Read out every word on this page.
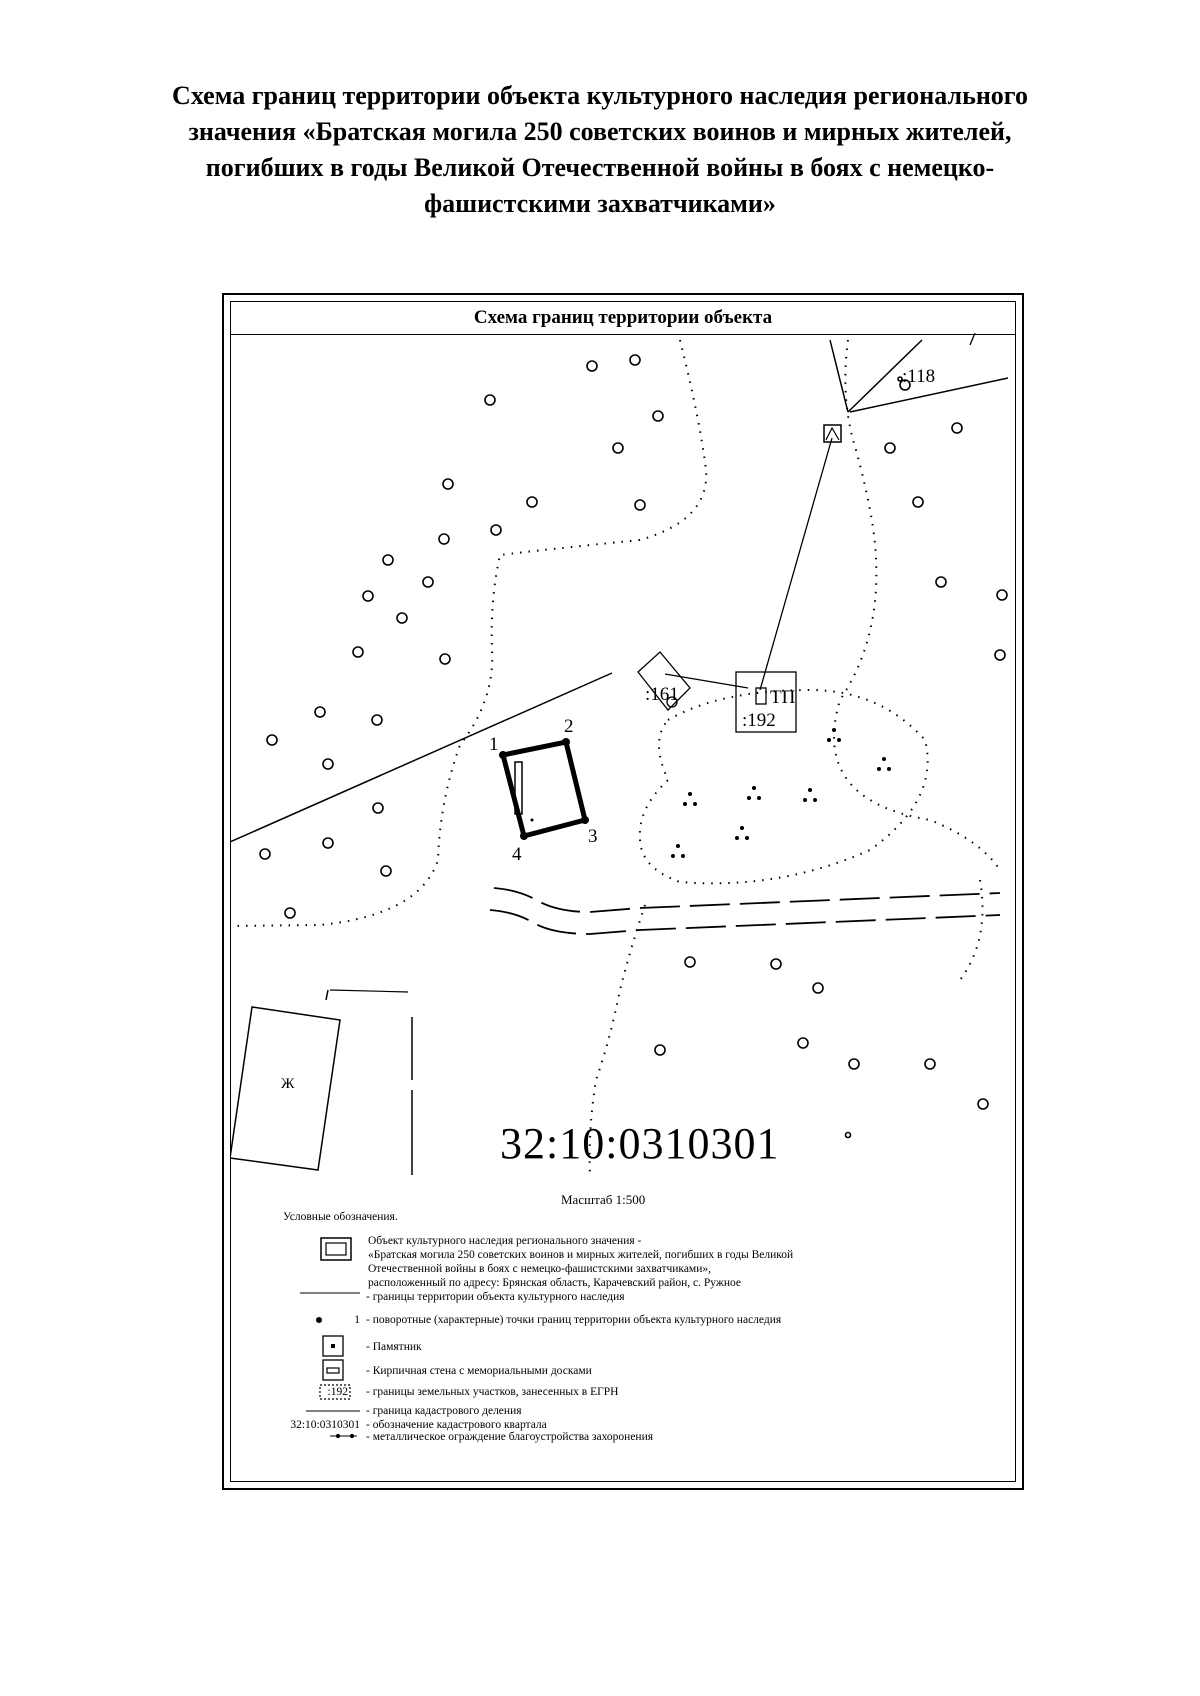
Схема границ территории объекта культурного наследия регионального
значения «Братская могила 250 советских воинов и мирных жителей,
погибших в годы Великой Отечественной войны в боях с немецко-
фашистскими захватчиками»
Схема границ территории объекта
:118
:161
:192
ТП
1
2
3
4
Ж
32:10:0310301
Масштаб 1:500
Условные обозначения.
Объект культурного наследия регионального значения -
«Братская могила 250 советских воинов и мирных жителей, погибших в годы Великой
Отечественной войны в боях с немецко-фашистскими захватчиками»,
расположенный по адресу: Брянская область, Карачевский район, с. Ружное
- границы территории объекта культурного наследия
1 - поворотные (характерные) точки границ территории объекта культурного наследия
- Памятник
- Кирпичная стена с мемориальными досками
:192 - границы земельных участков, занесенных в ЕГРН
- граница кадастрового деления
32:10:0310301 - обозначение кадастрового квартала
- металлическое ограждение благоустройства захоронения
